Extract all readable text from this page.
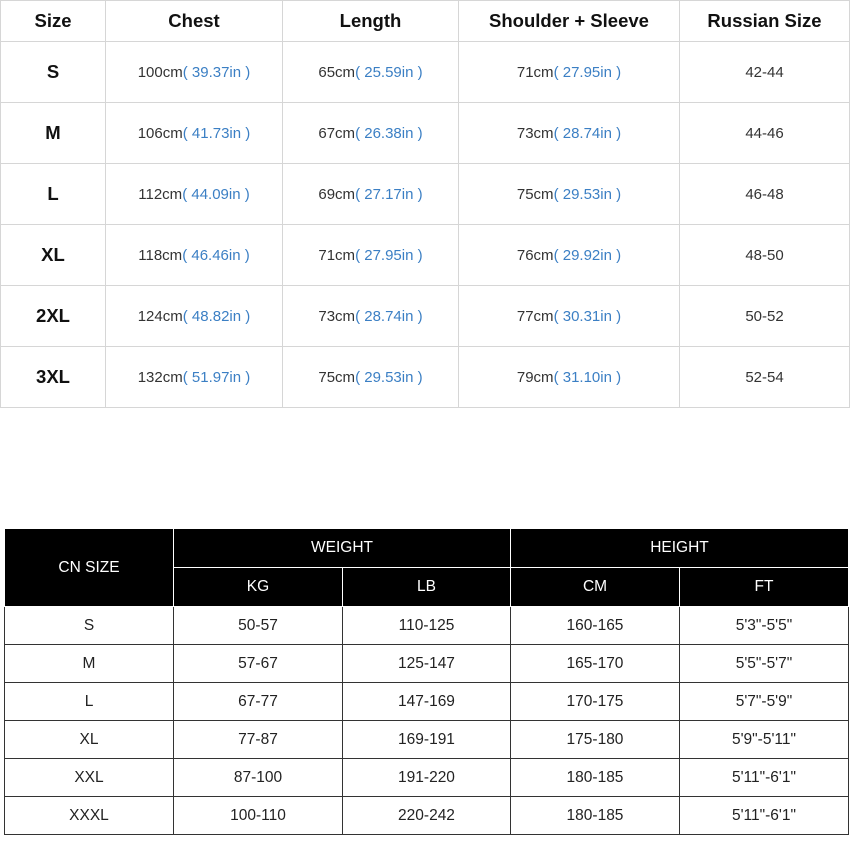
Size	Chest	Length	Shoulder + Sleeve	Russian Size
S	100cm( 39.37in )	65cm( 25.59in )	71cm( 27.95in )	42-44
M	106cm( 41.73in )	67cm( 26.38in )	73cm( 28.74in )	44-46
L	112cm( 44.09in )	69cm( 27.17in )	75cm( 29.53in )	46-48
XL	118cm( 46.46in )	71cm( 27.95in )	76cm( 29.92in )	48-50
2XL	124cm( 48.82in )	73cm( 28.74in )	77cm( 30.31in )	50-52
3XL	132cm( 51.97in )	75cm( 29.53in )	79cm( 31.10in )	52-54
CN SIZE	WEIGHT		HEIGHT	
	KG	LB	CM	FT
S	50-57	110-125	160-165	5'3"-5'5"
M	57-67	125-147	165-170	5'5"-5'7"
L	67-77	147-169	170-175	5'7"-5'9"
XL	77-87	169-191	175-180	5'9"-5'11"
XXL	87-100	191-220	180-185	5'11"-6'1"
XXXL	100-110	220-242	180-185	5'11"-6'1"
